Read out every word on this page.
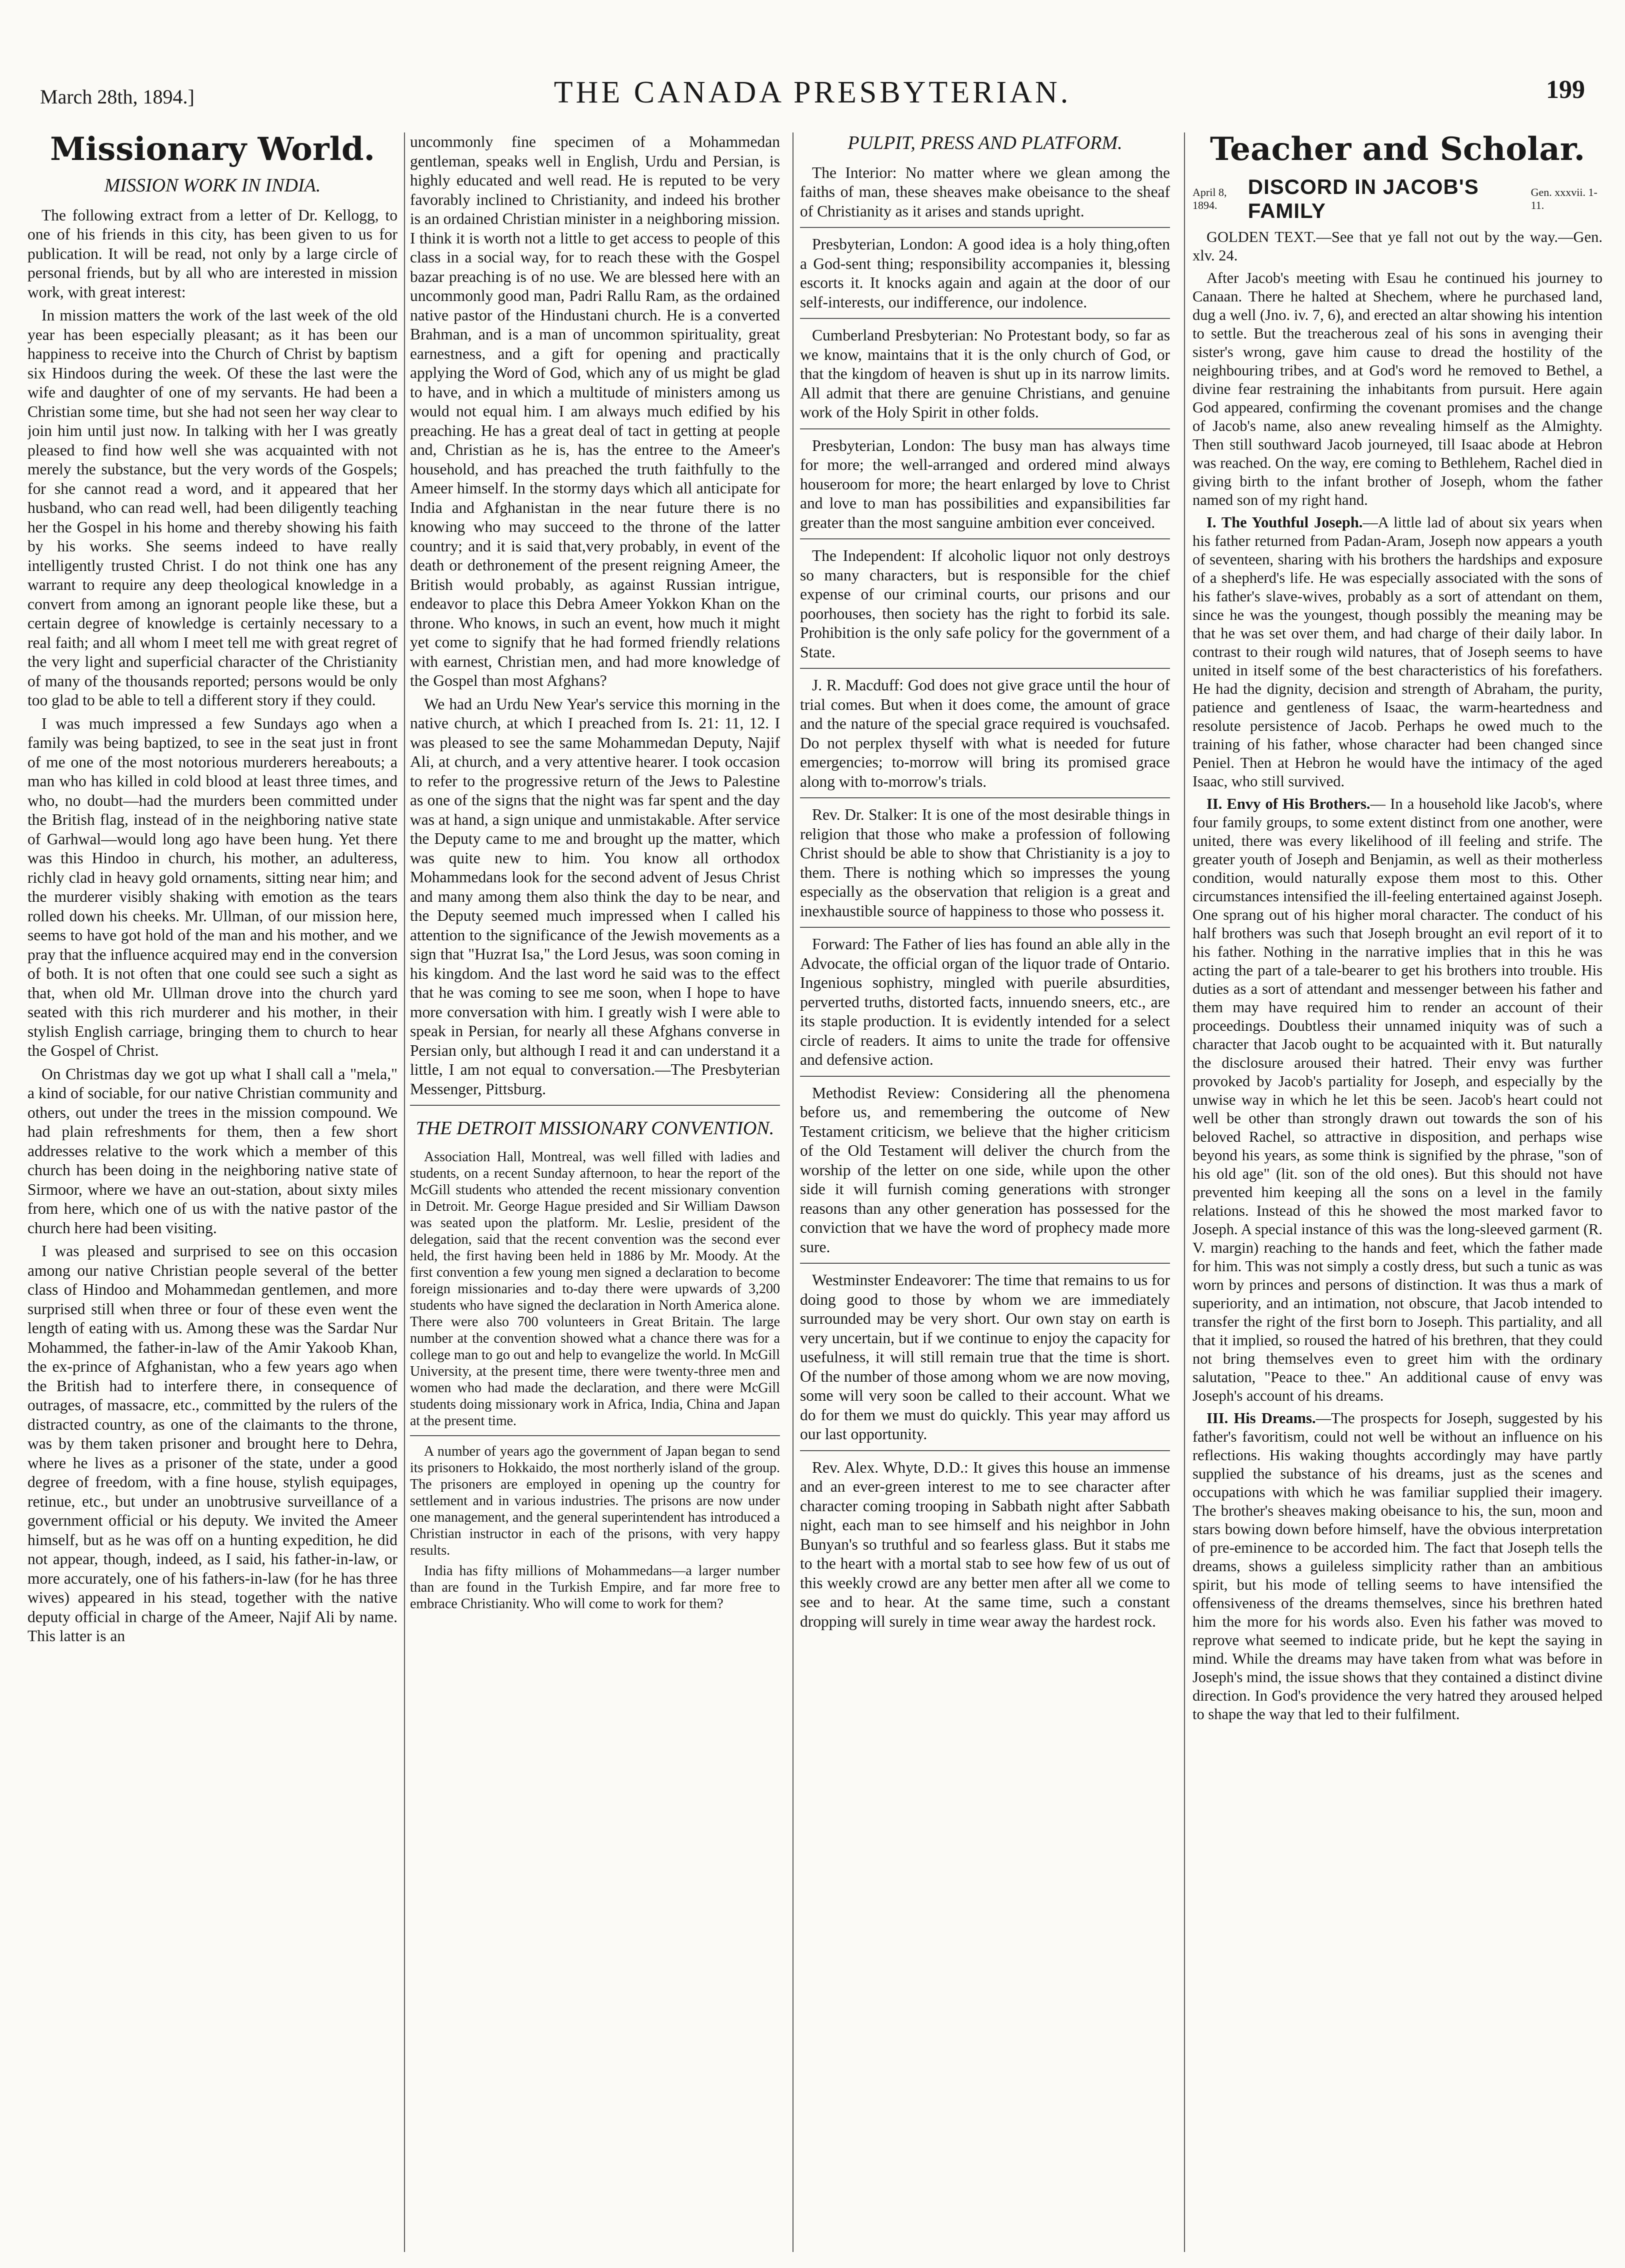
March 28th, 1894.]	THE CANADA PRESBYTERIAN.	199
Missionary World.
MISSION WORK IN INDIA.

The following extract from a letter of Dr. Kellogg, to one of his friends in this city, has been given to us for publication. It will be read, not only by a large circle of personal friends, but by all who are interested in mission work, with great interest:

In mission matters the work of the last week of the old year has been especially pleasant; as it has been our happiness to receive into the Church of Christ by baptism six Hindoos during the week. Of these the last were the wife and daughter of one of my servants. He had been a Christian some time, but she had not seen her way clear to join him until just now. In talking with her I was greatly pleased to find how well she was acquainted with not merely the substance, but the very words of the Gospels; for she cannot read a word, and it appeared that her husband, who can read well, had been diligently teaching her the Gospel in his home and thereby showing his faith by his works. She seems indeed to have really intelligently trusted Christ. I do not think one has any warrant to require any deep theological knowledge in a convert from among an ignorant people like these, but a certain degree of knowledge is certainly necessary to a real faith; and all whom I meet tell me with great regret of the very light and superficial character of the Christianity of many of the thousands reported; persons would be only too glad to be able to tell a different story if they could.

I was much impressed a few Sundays ago when a family was being baptized, to see in the seat just in front of me one of the most notorious murderers hereabouts; a man who has killed in cold blood at least three times, and who, no doubt—had the murders been committed under the British flag, instead of in the neighboring native state of Garhwal—would long ago have been hung. Yet there was this Hindoo in church, his mother, an adulteress, richly clad in heavy gold ornaments, sitting near him; and the murderer visibly shaking with emotion as the tears rolled down his cheeks. Mr. Ullman, of our mission here, seems to have got hold of the man and his mother, and we pray that the influence acquired may end in the conversion of both. It is not often that one could see such a sight as that, when old Mr. Ullman drove into the church yard seated with this rich murderer and his mother, in their stylish English carriage, bringing them to church to hear the Gospel of Christ.

On Christmas day we got up what I shall call a "mela," a kind of sociable, for our native Christian community and others, out under the trees in the mission compound. We had plain refreshments for them, then a few short addresses relative to the work which a member of this church has been doing in the neighboring native state of Sirmoor, where we have an out-station, about sixty miles from here, which one of us with the native pastor of the church here had been visiting.

I was pleased and surprised to see on this occasion among our native Christian people several of the better class of Hindoo and Mohammedan gentlemen, and more surprised still when three or four of these even went the length of eating with us. Among these was the Sardar Nur Mohammed, the father-in-law of the Amir Yakoob Khan, the ex-prince of Afghanistan, who a few years ago when the British had to interfere there, in consequence of outrages, of massacre, etc., committed by the rulers of the distracted country, as one of the claimants to the throne, was by them taken prisoner and brought here to Dehra, where he lives as a prisoner of the state, under a good degree of freedom, with a fine house, stylish equipages, retinue, etc., but under an unobtrusive surveillance of a government official or his deputy. We invited the Ameer himself, but as he was off on a hunting expedition, he did not appear, though, indeed, as I said, his father-in-law, or more accurately, one of his fathers-in-law (for he has three wives) appeared in his stead, together with the native deputy official in charge of the Ameer, Najif Ali by name. This latter is an

uncommonly fine specimen of a Mohammedan gentleman, speaks well in English, Urdu and Persian, is highly educated and well read. He is reputed to be very favorably inclined to Christianity, and indeed his brother is an ordained Christian minister in a neighboring mission. I think it is worth not a little to get access to people of this class in a social way, for to reach these with the Gospel bazar preaching is of no use. We are blessed here with an uncommonly good man, Padri Rallu Ram, as the ordained native pastor of the Hindustani church. He is a converted Brahman, and is a man of uncommon spirituality, great earnestness, and a gift for opening and practically applying the Word of God, which any of us might be glad to have, and in which a multitude of ministers among us would not equal him. I am always much edified by his preaching. He has a great deal of tact in getting at people and, Christian as he is, has the entree to the Ameer's household, and has preached the truth faithfully to the Ameer himself. In the stormy days which all anticipate for India and Afghanistan in the near future there is no knowing who may succeed to the throne of the latter country; and it is said that,very probably, in event of the death or dethronement of the present reigning Ameer, the British would probably, as against Russian intrigue, endeavor to place this Debra Ameer Yokkon Khan on the throne. Who knows, in such an event, how much it might yet come to signify that he had formed friendly relations with earnest, Christian men, and had more knowledge of the Gospel than most Afghans?

We had an Urdu New Year's service this morning in the native church, at which I preached from Is. 21: 11, 12. I was pleased to see the same Mohammedan Deputy, Najif Ali, at church, and a very attentive hearer. I took occasion to refer to the progressive return of the Jews to Palestine as one of the signs that the night was far spent and the day was at hand, a sign unique and unmistakable. After service the Deputy came to me and brought up the matter, which was quite new to him. You know all orthodox Mohammedans look for the second advent of Jesus Christ and many among them also think the day to be near, and the Deputy seemed much impressed when I called his attention to the significance of the Jewish movements as a sign that "Huzrat Isa," the Lord Jesus, was soon coming in his kingdom. And the last word he said was to the effect that he was coming to see me soon, when I hope to have more conversation with him. I greatly wish I were able to speak in Persian, for nearly all these Afghans converse in Persian only, but although I read it and can understand it a little, I am not equal to conversation.—The Presbyterian Messenger, Pittsburg.

THE DETROIT MISSIONARY CONVENTION.

Association Hall, Montreal, was well filled with ladies and students, on a recent Sunday afternoon, to hear the report of the McGill students who attended the recent missionary convention in Detroit. Mr. George Hague presided and Sir William Dawson was seated upon the platform. Mr. Leslie, president of the delegation, said that the recent convention was the second ever held, the first having been held in 1886 by Mr. Moody. At the first convention a few young men signed a declaration to become foreign missionaries and to-day there were upwards of 3,200 students who have signed the declaration in North America alone. There were also 700 volunteers in Great Britain. The large number at the convention showed what a chance there was for a college man to go out and help to evangelize the world. In McGill University, at the present time, there were twenty-three men and women who had made the declaration, and there were McGill students doing missionary work in Africa, India, China and Japan at the present time.

A number of years ago the government of Japan began to send its prisoners to Hokkaido, the most northerly island of the group. The prisoners are employed in opening up the country for settlement and in various industries. The prisons are now under one management, and the general superintendent has introduced a Christian instructor in each of the prisons, with very happy results.

India has fifty millions of Mohammedans—a larger number than are found in the Turkish Empire, and far more free to embrace Christianity. Who will come to work for them?

PULPIT, PRESS AND PLATFORM.

The Interior: No matter where we glean among the faiths of man, these sheaves make obeisance to the sheaf of Christianity as it arises and stands upright.

Presbyterian, London: A good idea is a holy thing,often a God-sent thing; responsibility accompanies it, blessing escorts it. It knocks again and again at the door of our self-interests, our indifference, our indolence.

Cumberland Presbyterian: No Protestant body, so far as we know, maintains that it is the only church of God, or that the kingdom of heaven is shut up in its narrow limits. All admit that there are genuine Christians, and genuine work of the Holy Spirit in other folds.

Presbyterian, London: The busy man has always time for more; the well-arranged and ordered mind always houseroom for more; the heart enlarged by love to Christ and love to man has possibilities and expansibilities far greater than the most sanguine ambition ever conceived.

The Independent: If alcoholic liquor not only destroys so many characters, but is responsible for the chief expense of our criminal courts, our prisons and our poorhouses, then society has the right to forbid its sale. Prohibition is the only safe policy for the government of a State.

J. R. Macduff: God does not give grace until the hour of trial comes. But when it does come, the amount of grace and the nature of the special grace required is vouchsafed. Do not perplex thyself with what is needed for future emergencies; to-morrow will bring its promised grace along with to-morrow's trials.

Rev. Dr. Stalker: It is one of the most desirable things in religion that those who make a profession of following Christ should be able to show that Christianity is a joy to them. There is nothing which so impresses the young especially as the observation that religion is a great and inexhaustible source of happiness to those who possess it.

Forward: The Father of lies has found an able ally in the Advocate, the official organ of the liquor trade of Ontario. Ingenious sophistry, mingled with puerile absurdities, perverted truths, distorted facts, innuendo sneers, etc., are its staple production. It is evidently intended for a select circle of readers. It aims to unite the trade for offensive and defensive action.

Methodist Review: Considering all the phenomena before us, and remembering the outcome of New Testament criticism, we believe that the higher criticism of the Old Testament will deliver the church from the worship of the letter on one side, while upon the other side it will furnish coming generations with stronger reasons than any other generation has possessed for the conviction that we have the word of prophecy made more sure.

Westminster Endeavorer: The time that remains to us for doing good to those by whom we are immediately surrounded may be very short. Our own stay on earth is very uncertain, but if we continue to enjoy the capacity for usefulness, it will still remain true that the time is short. Of the number of those among whom we are now moving, some will very soon be called to their account. What we do for them we must do quickly. This year may afford us our last opportunity.

Rev. Alex. Whyte, D.D.: It gives this house an immense and an ever-green interest to me to see character after character coming trooping in Sabbath night after Sabbath night, each man to see himself and his neighbor in John Bunyan's so truthful and so fearless glass. But it stabs me to the heart with a mortal stab to see how few of us out of this weekly crowd are any better men after all we come to see and to hear. At the same time, such a constant dropping will surely in time wear away the hardest rock.

Teacher and Scholar.
April 8, 1894.
DISCORD IN JACOB'S FAMILY
Gen. xxxvii. 1-11.

GOLDEN TEXT.—See that ye fall not out by the way.—Gen. xlv. 24.

After Jacob's meeting with Esau he continued his journey to Canaan. There he halted at Shechem, where he purchased land, dug a well (Jno. iv. 7, 6), and erected an altar showing his intention to settle. But the treacherous zeal of his sons in avenging their sister's wrong, gave him cause to dread the hostility of the neighbouring tribes, and at God's word he removed to Bethel, a divine fear restraining the inhabitants from pursuit. Here again God appeared, confirming the covenant promises and the change of Jacob's name, also anew revealing himself as the Almighty. Then still southward Jacob journeyed, till Isaac abode at Hebron was reached. On the way, ere coming to Bethlehem, Rachel died in giving birth to the infant brother of Joseph, whom the father named son of my right hand.

I. The Youthful Joseph.—A little lad of about six years when his father returned from Padan-Aram, Joseph now appears a youth of seventeen, sharing with his brothers the hardships and exposure of a shepherd's life. He was especially associated with the sons of his father's slave-wives, probably as a sort of attendant on them, since he was the youngest, though possibly the meaning may be that he was set over them, and had charge of their daily labor. In contrast to their rough wild natures, that of Joseph seems to have united in itself some of the best characteristics of his forefathers. He had the dignity, decision and strength of Abraham, the purity, patience and gentleness of Isaac, the warm-heartedness and resolute persistence of Jacob. Perhaps he owed much to the training of his father, whose character had been changed since Peniel. Then at Hebron he would have the intimacy of the aged Isaac, who still survived.

II. Envy of His Brothers.— In a household like Jacob's, where four family groups, to some extent distinct from one another, were united, there was every likelihood of ill feeling and strife. The greater youth of Joseph and Benjamin, as well as their motherless condition, would naturally expose them most to this. Other circumstances intensified the ill-feeling entertained against Joseph. One sprang out of his higher moral character. The conduct of his half brothers was such that Joseph brought an evil report of it to his father. Nothing in the narrative implies that in this he was acting the part of a tale-bearer to get his brothers into trouble. His duties as a sort of attendant and messenger between his father and them may have required him to render an account of their proceedings. Doubtless their unnamed iniquity was of such a character that Jacob ought to be acquainted with it. But naturally the disclosure aroused their hatred. Their envy was further provoked by Jacob's partiality for Joseph, and especially by the unwise way in which he let this be seen. Jacob's heart could not well be other than strongly drawn out towards the son of his beloved Rachel, so attractive in disposition, and perhaps wise beyond his years, as some think is signified by the phrase, "son of his old age" (lit. son of the old ones). But this should not have prevented him keeping all the sons on a level in the family relations. Instead of this he showed the most marked favor to Joseph. A special instance of this was the long-sleeved garment (R. V. margin) reaching to the hands and feet, which the father made for him. This was not simply a costly dress, but such a tunic as was worn by princes and persons of distinction. It was thus a mark of superiority, and an intimation, not obscure, that Jacob intended to transfer the right of the first born to Joseph. This partiality, and all that it implied, so roused the hatred of his brethren, that they could not bring themselves even to greet him with the ordinary salutation, "Peace to thee." An additional cause of envy was Joseph's account of his dreams.

III. His Dreams.—The prospects for Joseph, suggested by his father's favoritism, could not well be without an influence on his reflections. His waking thoughts accordingly may have partly supplied the substance of his dreams, just as the scenes and occupations with which he was familiar supplied their imagery. The brother's sheaves making obeisance to his, the sun, moon and stars bowing down before himself, have the obvious interpretation of pre-eminence to be accorded him. The fact that Joseph tells the dreams, shows a guileless simplicity rather than an ambitious spirit, but his mode of telling seems to have intensified the offensiveness of the dreams themselves, since his brethren hated him the more for his words also. Even his father was moved to reprove what seemed to indicate pride, but he kept the saying in mind. While the dreams may have taken from what was before in Joseph's mind, the issue shows that they contained a distinct divine direction. In God's providence the very hatred they aroused helped to shape the way that led to their fulfilment.
